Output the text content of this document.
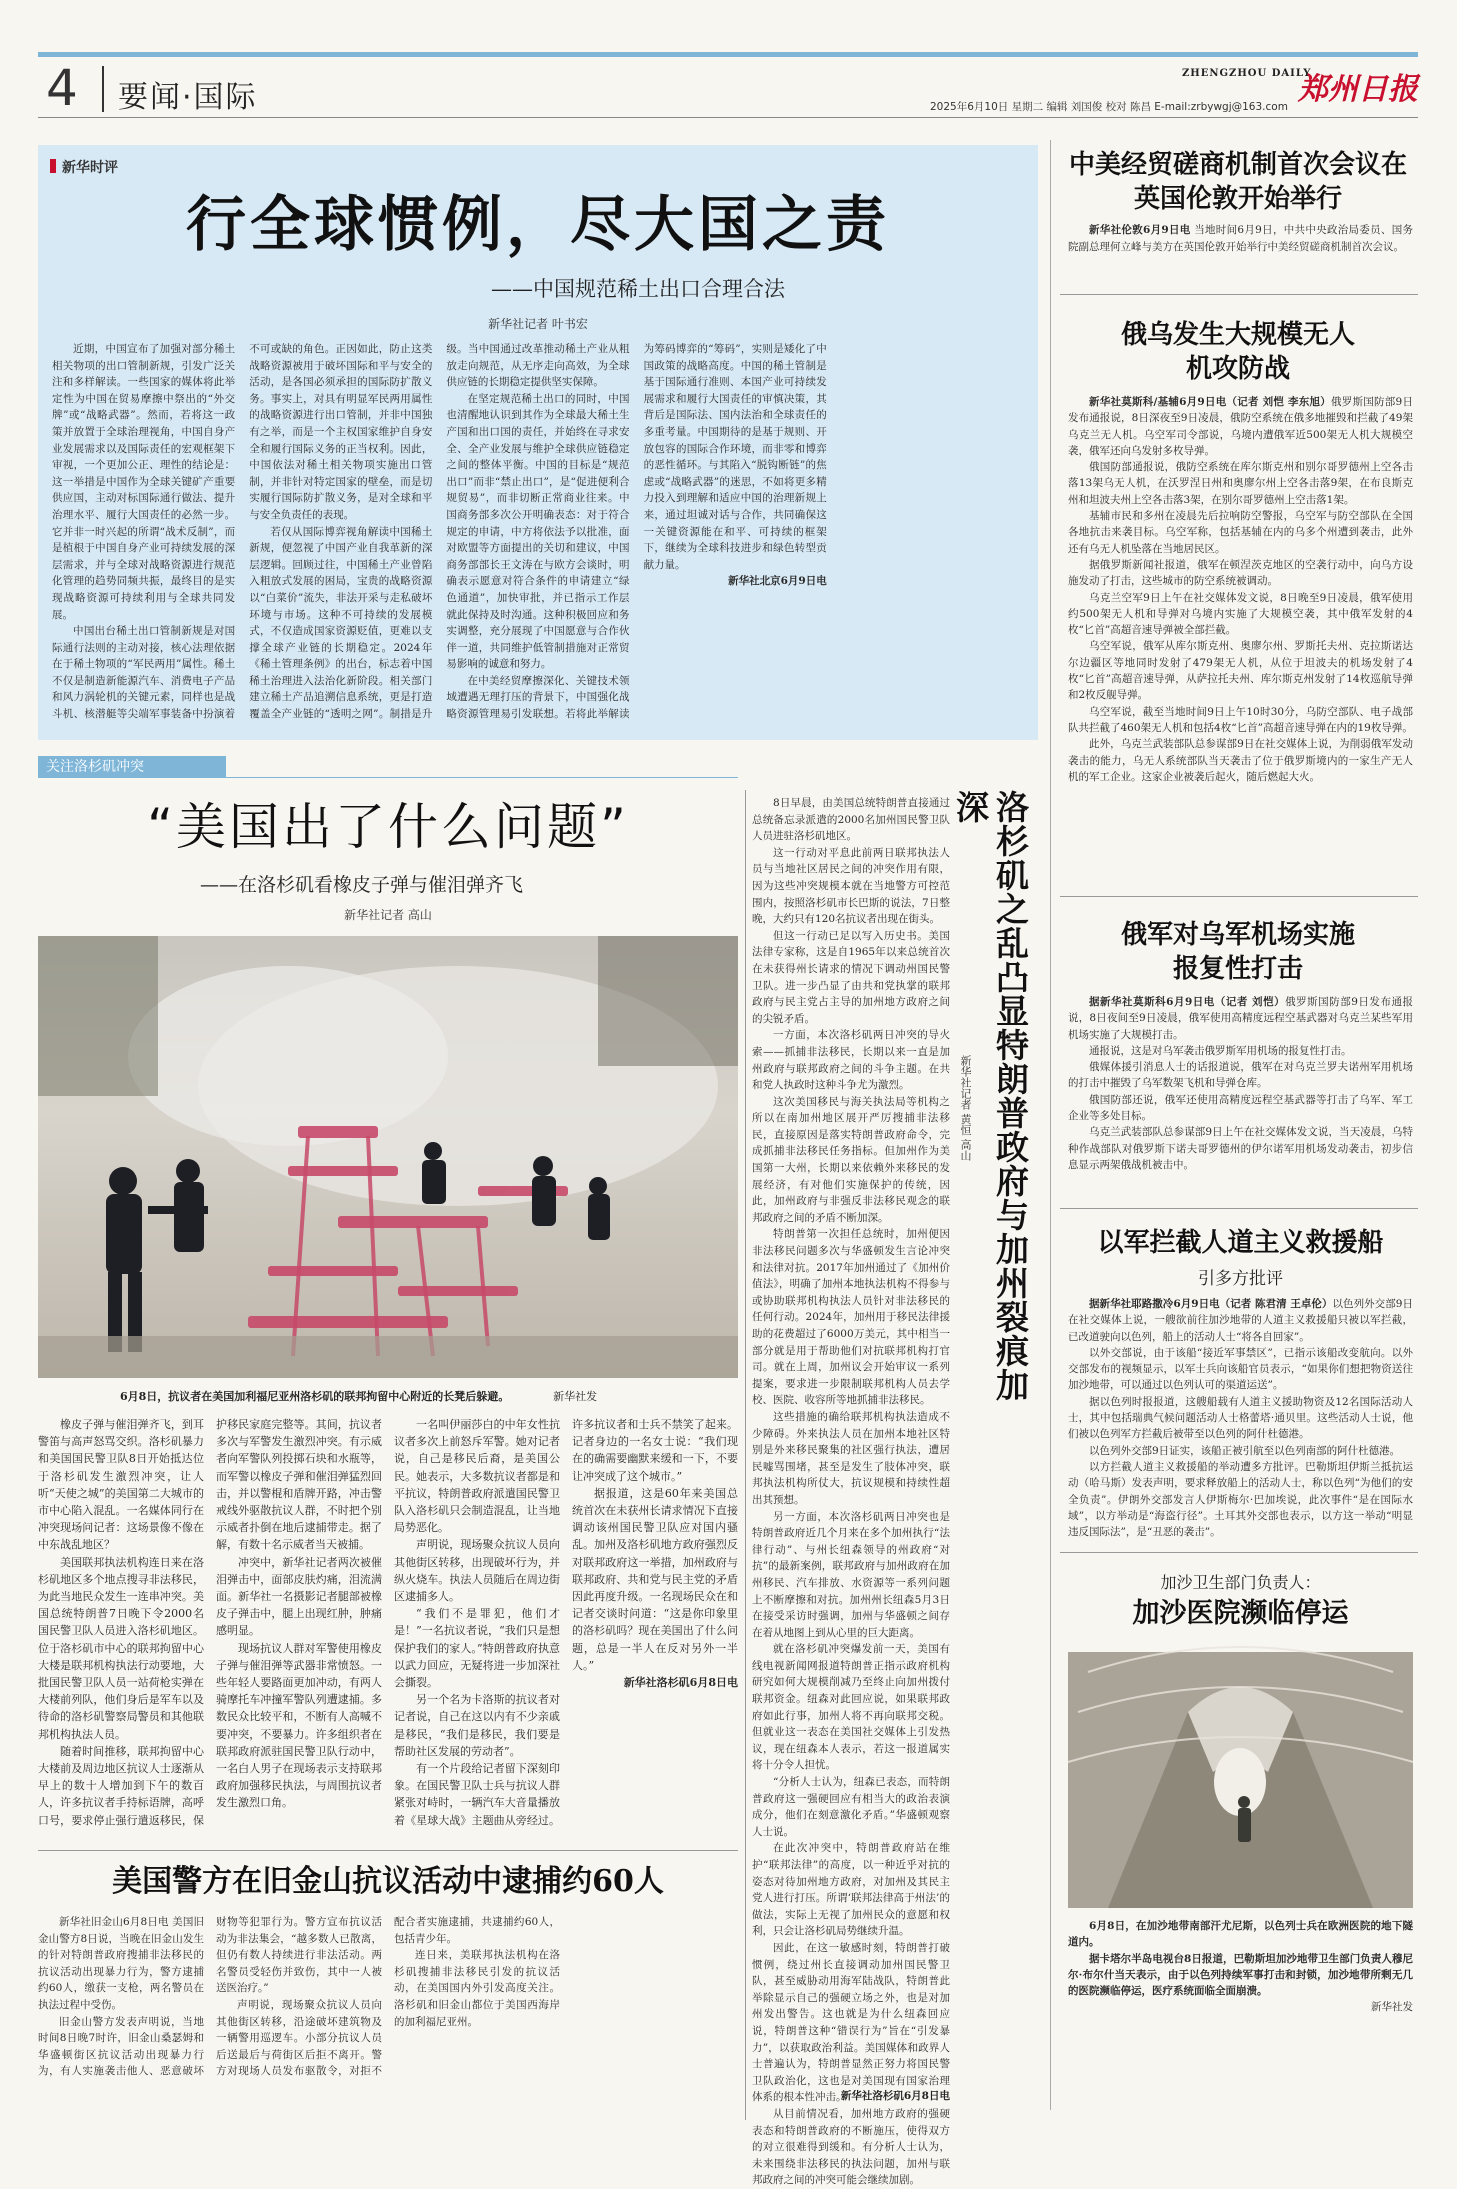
4 要闻·国际
ZHENGZHOU DAILY
郑州日报
2025年6月10日 星期二 编辑 刘国俊 校对 陈昌 E-mail:zrbywgj@163.com
新华时评
行全球惯例，尽大国之责
——中国规范稀土出口合理合法
新华社记者 叶书宏

近期，中国宣布了加强对部分稀土相关物项的出口管制新规，引发广泛关注和多样解读。一些国家的媒体将此举定性为中国在贸易摩擦中祭出的“外交牌”或“战略武器”。然而，若将这一政策并放置于全球治理视角，中国自身产业发展需求以及国际责任的宏观框架下审视，一个更加公正、理性的结论是：这一举措是中国作为全球关键矿产重要供应国，主动对标国际通行做法、提升治理水平、履行大国责任的必然一步。它并非一时兴起的所谓“战术反制”，而是植根于中国自身产业可持续发展的深层需求，并与全球对战略资源进行规范化管理的趋势同频共振，最终目的是实现战略资源可持续利用与全球共同发展。

中国出台稀土出口管制新规是对国际通行法则的主动对接，核心法理依据在于稀土物项的“军民两用”属性。稀土不仅是制造新能源汽车、消费电子产品和风力涡轮机的关键元素，同样也是战斗机、核潜艇等尖端军事装备中扮演着不可或缺的角色。正因如此，防止这类战略资源被用于破坏国际和平与安全的活动，是各国必须承担的国际防扩散义务。事实上，对具有明显军民两用属性的战略资源进行出口管制，并非中国独有之举，而是一个主权国家维护自身安全和履行国际义务的正当权利。因此，中国依法对稀土相关物项实施出口管制，并非针对特定国家的壁垒，而是切实履行国际防扩散义务，是对全球和平与安全负责任的表现。

若仅从国际博弈视角解读中国稀土新规，便忽视了中国产业自我革新的深层逻辑。回顾过往，中国稀土产业曾陷入粗放式发展的困局，宝贵的战略资源以“白菜价”流失，非法开采与走私破坏环境与市场。这种不可持续的发展模式，不仅造成国家资源贬值，更难以支撑全球产业链的长期稳定。2024年《稀土管理条例》的出台，标志着中国稀土治理进入法治化新阶段。相关部门建立稀土产品追溯信息系统，更是打造覆盖全产业链的“透明之网”。制措是升级。当中国通过改革推动稀土产业从粗放走向规范，从无序走向高效，为全球供应链的长期稳定提供坚实保障。

在坚定规范稀土出口的同时，中国也清醒地认识到其作为全球最大稀土生产国和出口国的责任，并始终在寻求安全、全产业发展与维护全球供应链稳定之间的整体平衡。中国的目标是“规范出口”而非“禁止出口”，是“促进便利合规贸易”，而非切断正常商业往来。中国商务部多次公开明确表态：对于符合规定的申请，中方将依法予以批准，面对欧盟等方面提出的关切和建议，中国商务部部长王文涛在与欧方会谈时，明确表示愿意对符合条件的申请建立“绿色通道”，加快审批，并已指示工作层就此保持及时沟通。这种积极回应和务实调整，充分展现了中国愿意与合作伙伴一道，共同维护低管制措施对正常贸易影响的诚意和努力。

在中美经贸摩擦深化、关键技术领域遭遇无理打压的背景下，中国强化战略资源管理易引发联想。若将此举解读为筹码博弈的“筹码”，实则是矮化了中国政策的战略高度。中国的稀土管制是基于国际通行准则、本国产业可持续发展需求和履行大国责任的审慎决策，其背后是国际法、国内法治和全球责任的多重考量。中国期待的是基于规则、开放包容的国际合作环境，而非零和博弈的恶性循环。与其陷入“脱钩断链”的焦虑或“战略武器”的迷思，不如将更多精力投入到理解和适应中国的治理新规上来，通过坦诚对话与合作，共同确保这一关键资源能在和平、可持续的框架下，继续为全球科技进步和绿色转型贡献力量。

新华社北京6月9日电

关注洛杉矶冲突
“美国出了什么问题”
——在洛杉矶看橡皮子弹与催泪弹齐飞
新华社记者 高山
6月8日，抗议者在美国加利福尼亚州洛杉矶的联邦拘留中心附近的长凳后躲避。	新华社发

橡皮子弹与催泪弹齐飞，到耳警笛与高声怒骂交织。洛杉矶暴力和美国国民警卫队8日开始抵达位于洛杉矶发生激烈冲突，让人听“天使之城”的美国第二大城市的市中心陷入混乱。一名媒体同行在冲突现场问记者：这场景像不像在中东战乱地区？

美国联邦执法机构连日来在洛杉矶地区多个地点搜寻非法移民，为此当地民众发生一连串冲突。美国总统特朗普7日晚下令2000名国民警卫队人员进入洛杉矶地区。位于洛杉矶市中心的联邦拘留中心大楼是联邦机构执法行动要地，大批国民警卫队人员一站荷枪实弹在大楼前列队，他们身后是军车以及待命的洛杉矶警察局警员和其他联邦机构执法人员。

随着时间推移，联邦拘留中心大楼前及周边地区抗议人士逐渐从早上的数十人增加到下午的数百人，许多抗议者手持标语牌，高呼口号，要求停止强行遣返移民，保护移民家庭完整等。其间，抗议者多次与军警发生激烈冲突。有示威者向军警队列投掷石块和水瓶等，而军警以橡皮子弹和催泪弹猛烈回击，并以警棍和盾牌开路，冲击警戒线外驱散抗议人群，不时把个别示威者扑倒在地后逮捕带走。据了解，有数十名示威者当天被捕。

冲突中，新华社记者两次被催泪弹击中，面部皮肤灼痛，泪流满面。新华社一名摄影记者腿部被橡皮子弹击中，腿上出现红肿，肿痛感明显。

现场抗议人群对军警使用橡皮子弹与催泪弹等武器非常愤怒。一些年轻人要路面更加冲动，有两人骑摩托车冲撞军警队列遭逮捕。多数民众比较平和，不断有人高喊不要冲突，不要暴力。许多组织者在联邦政府派驻国民警卫队行动中，一名白人男子在现场表示支持联邦政府加强移民执法，与周围抗议者发生激烈口角。

一名叫伊丽莎白的中年女性抗议者多次上前怒斥军警。她对记者说，自己是移民后裔，是美国公民。她表示，大多数抗议者都是和平抗议，特朗普政府派遣国民警卫队入洛杉矶只会制造混乱，让当地局势恶化。

声明说，现场聚众抗议人员向其他街区转移，出现破坏行为，并纵火烧车。执法人员随后在周边街区逮捕多人。

“我们不是罪犯，他们才是！”一名抗议者说，“我们只是想保护我们的家人。”特朗普政府执意以武力回应，无疑将进一步加深社会撕裂。

另一个名为卡洛斯的抗议者对记者说，自己在这以内有不少亲戚是移民，“我们是移民，我们要是帮助社区发展的劳动者”。

有一个片段给记者留下深刻印象。在国民警卫队士兵与抗议人群紧张对峙时，一辆汽车大音量播放着《星球大战》主题曲从旁经过。许多抗议者和士兵不禁笑了起来。记者身边的一名女士说：“我们现在的确需要幽默来缓和一下，不要让冲突成了这个城市。”

据报道，这是60年来美国总统首次在未获州长请求情况下直接调动该州国民警卫队应对国内骚乱。加州及洛杉矶地方政府强烈反对联邦政府这一举措，加州政府与联邦政府、共和党与民主党的矛盾因此再度升级。一名现场民众在和记者交谈时问道：“这是你印象里的洛杉矶吗？现在美国出了什么问题，总是一半人在反对另外一半人。”

新华社洛杉矶6月8日电

8日早晨，由美国总统特朗普直接通过总统备忘录派遣的2000名加州国民警卫队人员进驻洛杉矶地区。

这一行动对平息此前两日联邦执法人员与当地社区居民之间的冲突作用有限，因为这些冲突规模本就在当地警方可控范围内，按照洛杉矶市长巴斯的说法，7日整晚，大约只有120名抗议者出现在街头。

但这一行动已足以写入历史书。美国法律专家称，这是自1965年以来总统首次在未获得州长请求的情况下调动州国民警卫队。进一步凸显了由共和党执掌的联邦政府与民主党占主导的加州地方政府之间的尖锐矛盾。

一方面，本次洛杉矶两日冲突的导火索——抓捕非法移民，长期以来一直是加州政府与联邦政府之间的斗争主题。在共和党人执政时这种斗争尤为激烈。

这次美国移民与海关执法局等机构之所以在南加州地区展开严厉搜捕非法移民，直接原因是落实特朗普政府命令，完成抓捕非法移民任务指标。但加州作为美国第一大州，长期以来依赖外来移民的发展经济，有对他们实施保护的传统，因此，加州政府与非强反非法移民观念的联邦政府之间的矛盾不断加深。

特朗普第一次担任总统时，加州便因非法移民问题多次与华盛顿发生言论冲突和法律对抗。2017年加州通过了《加州价值法》，明确了加州本地执法机构不得参与或协助联邦机构执法人员针对非法移民的任何行动。2024年，加州用于移民法律援助的花费超过了6000万美元，其中相当一部分就是用于帮助他们对抗联邦机构打官司。就在上周，加州议会开始审议一系列提案，要求进一步限制联邦机构人员去学校、医院、收容所等地抓捕非法移民。

这些措施的确给联邦机构执法造成不少障碍。外来执法人员在加州本地社区特别是外来移民聚集的社区强行执法，遭居民嘘骂围堵，甚至是发生了肢体冲突，联邦执法机构所仗大，抗议规模和持续性超出其预想。

另一方面，本次洛杉矶两日冲突也是特朗普政府近几个月来在多个加州执行“法律行动”、与州长纽森领导的州政府“对抗”的最新案例，联邦政府与加州政府在加州移民、汽车排放、水资源等一系列问题上不断摩擦和对抗。加州州长纽森5月3日在接受采访时强调，加州与华盛顿之间存在着从地图上到从心里的巨大距离。

就在洛杉矶冲突爆发前一天，美国有线电视新闻网报道特朗普正指示政府机构研究如何大规模削减乃至终止向加州拨付联邦资金。纽森对此回应说，如果联邦政府如此行事，加州人将不再向联邦交税。但就业这一表态在美国社交媒体上引发热议，现在纽森本人表示，若这一报道属实将十分令人担忧。

“分析人士认为，纽森已表态，而特朗普政府这一强硬回应有相当大的政治表演成分，他们在刻意激化矛盾。”华盛顿观察人士说。

在此次冲突中，特朗普政府站在维护“联邦法律”的高度，以一种近乎对抗的姿态对待加州地方政府，对加州及其民主党人进行打压。所谓‘联邦法律高于州法’的做法，实际上无视了加州民众的意愿和权利，只会让洛杉矶局势继续升温。

因此，在这一敏感时刻，特朗普打破惯例，绕过州长直接调动加州国民警卫队，甚至威胁动用海军陆战队，特朗普此举除显示自己的强硬立场之外，也是对加州发出警告。这也就是为什么纽森回应说，特朗普这种“错误行为”旨在“引发暴力”，以获取政治利益。美国媒体和政界人士普遍认为，特朗普显然正努力将国民警卫队政治化，这也是对美国现有国家治理体系的根本性冲击。

从目前情况看，加州地方政府的强硬表态和特朗普政府的不断施压，使得双方的对立很难得到缓和。有分析人士认为，未来围绕非法移民的执法问题，加州与联邦政府之间的冲突可能会继续加剧。

新华社洛杉矶6月8日电
新华社记者 黄恒 高山 洛杉矶之乱凸显特朗普政府与加州裂痕加深
美国警方在旧金山抗议活动中逮捕约60人

新华社旧金山6月8日电 美国旧金山警方8日说，当晚在旧金山发生的针对特朗普政府搜捕非法移民的抗议活动出现暴力行为，警方逮捕约60人，缴获一支枪，两名警员在执法过程中受伤。

旧金山警方发表声明说，当地时间8日晚7时许，旧金山桑瑟姆和华盛顿街区抗议活动出现暴力行为，有人实施袭击他人、恶意破坏财物等犯罪行为。警方宣布抗议活动为非法集会，“越多数人已散离，但仍有数人持续进行非法活动。两名警员受轻伤并致伤，其中一人被送医治疗。”

声明说，现场聚众抗议人员向其他街区转移，沿途破坏建筑物及一辆警用巡逻车。小部分抗议人员后送最后与荷街区后拒不离开。警方对现场人员发布驱散令，对拒不配合者实施逮捕，共逮捕约60人，包括青少年。

连日来，美联邦执法机构在洛杉矶搜捕非法移民引发的抗议活动，在美国国内外引发高度关注。洛杉矶和旧金山都位于美国西海岸的加利福尼亚州。

中美经贸磋商机制首次会议在英国伦敦开始举行

新华社伦敦6月9日电 当地时间6月9日，中共中央政治局委员、国务院副总理何立峰与美方在英国伦敦开始举行中美经贸磋商机制首次会议。

俄乌发生大规模无人机攻防战

新华社莫斯科/基辅6月9日电（记者 刘恺 李东旭）俄罗斯国防部9日发布通报说，8日深夜至9日凌晨，俄防空系统在俄多地摧毁和拦截了49架乌克兰无人机。乌空军司令部说，乌境内遭俄军近500架无人机大规模空袭，俄军还向乌发射多枚导弹。

俄国防部通报说，俄防空系统在库尔斯克州和别尔哥罗德州上空各击落13架乌无人机，在沃罗涅日州和奥廖尔州上空各击落9架，在布良斯克州和坦波夫州上空各击落3架，在别尔哥罗德州上空击落1架。

基辅市民和多州在凌晨先后拉响防空警报，乌空军与防空部队在全国各地抗击来袭目标。乌空军称，包括基辅在内的乌多个州遭到袭击，此外还有乌无人机坠落在当地居民区。

据俄罗斯新闻社报道，俄军在顿涅茨克地区的空袭行动中，向乌方设施发动了打击，这些城市的防空系统被调动。

乌克兰空军9日上午在社交媒体发文说，8日晚至9日凌晨，俄军使用约500架无人机和导弹对乌境内实施了大规模空袭，其中俄军发射的4枚“匕首”高超音速导弹被全部拦截。

乌空军说，俄军从库尔斯克州、奥廖尔州、罗斯托夫州、克拉斯诺达尔边疆区等地同时发射了479架无人机，从位于坦波夫的机场发射了4枚“匕首”高超音速导弹，从萨拉托夫州、库尔斯克州发射了14枚巡航导弹和2枚反舰导弹。

乌空军说，截至当地时间9日上午10时30分，乌防空部队、电子战部队共拦截了460架无人机和包括4枚“匕首”高超音速导弹在内的19枚导弹。

此外，乌克兰武装部队总参谋部9日在社交媒体上说，为削弱俄军发动袭击的能力，乌无人系统部队当天袭击了位于俄罗斯境内的一家生产无人机的军工企业。这家企业被袭后起火，随后燃起大火。

俄军对乌军机场实施报复性打击

据新华社莫斯科6月9日电（记者 刘恺）俄罗斯国防部9日发布通报说，8日夜间至9日凌晨，俄军使用高精度远程空基武器对乌克兰某些军用机场实施了大规模打击。

通报说，这是对乌军袭击俄罗斯军用机场的报复性打击。

俄媒体援引消息人士的话报道说，俄军在对乌克兰罗夫诺州军用机场的打击中摧毁了乌军数架飞机和导弹仓库。

俄国防部还说，俄军还使用高精度远程空基武器等打击了乌军、军工企业等多处目标。

乌克兰武装部队总参谋部9日上午在社交媒体发文说，当天凌晨，乌特种作战部队对俄罗斯下诺夫哥罗德州的伊尔诺军用机场发动袭击，初步信息显示两架俄战机被击中。

以军拦截人道主义救援船
引多方批评

据新华社耶路撒冷6月9日电（记者 陈君清 王卓伦）以色列外交部9日在社交媒体上说，一艘欲前往加沙地带的人道主义救援船只被以军拦截，已改道驶向以色列，船上的活动人士“将各自回家”。

以外交部说，由于该船“接近军事禁区”，已指示该船改变航向。以外交部发布的视频显示，以军士兵向该船官员表示，“如果你们想把物资送往加沙地带，可以通过以色列认可的渠道运送”。

据以色列时报报道，这艘船载有人道主义援助物资及12名国际活动人士，其中包括瑞典气候问题活动人士格蕾塔·通贝里。这些活动人士说，他们被以色列军方拦截后被带至以色列的阿什杜德港。

以色列外交部9日证实，该船正被引航至以色列南部的阿什杜德港。

以方拦截人道主义救援船的举动遭多方批评。巴勒斯坦伊斯兰抵抗运动（哈马斯）发表声明，要求释放船上的活动人士，称以色列“为他们的安全负责”。伊朗外交部发言人伊斯梅尔·巴加埃说，此次事件“是在国际水域”，以方举动是“海盗行径”。土耳其外交部也表示，以方这一举动“明显违反国际法”，是“丑恶的袭击”。

加沙卫生部门负责人：
加沙医院濒临停运

6月8日，在加沙地带南部汗尤尼斯，以色列士兵在欧洲医院的地下隧道内。

据卡塔尔半岛电视台8日报道，巴勒斯坦加沙地带卫生部门负责人穆尼尔·布尔什当天表示，由于以色列持续军事打击和封锁，加沙地带所剩无几的医院濒临停运，医疗系统面临全面崩溃。

新华社发
